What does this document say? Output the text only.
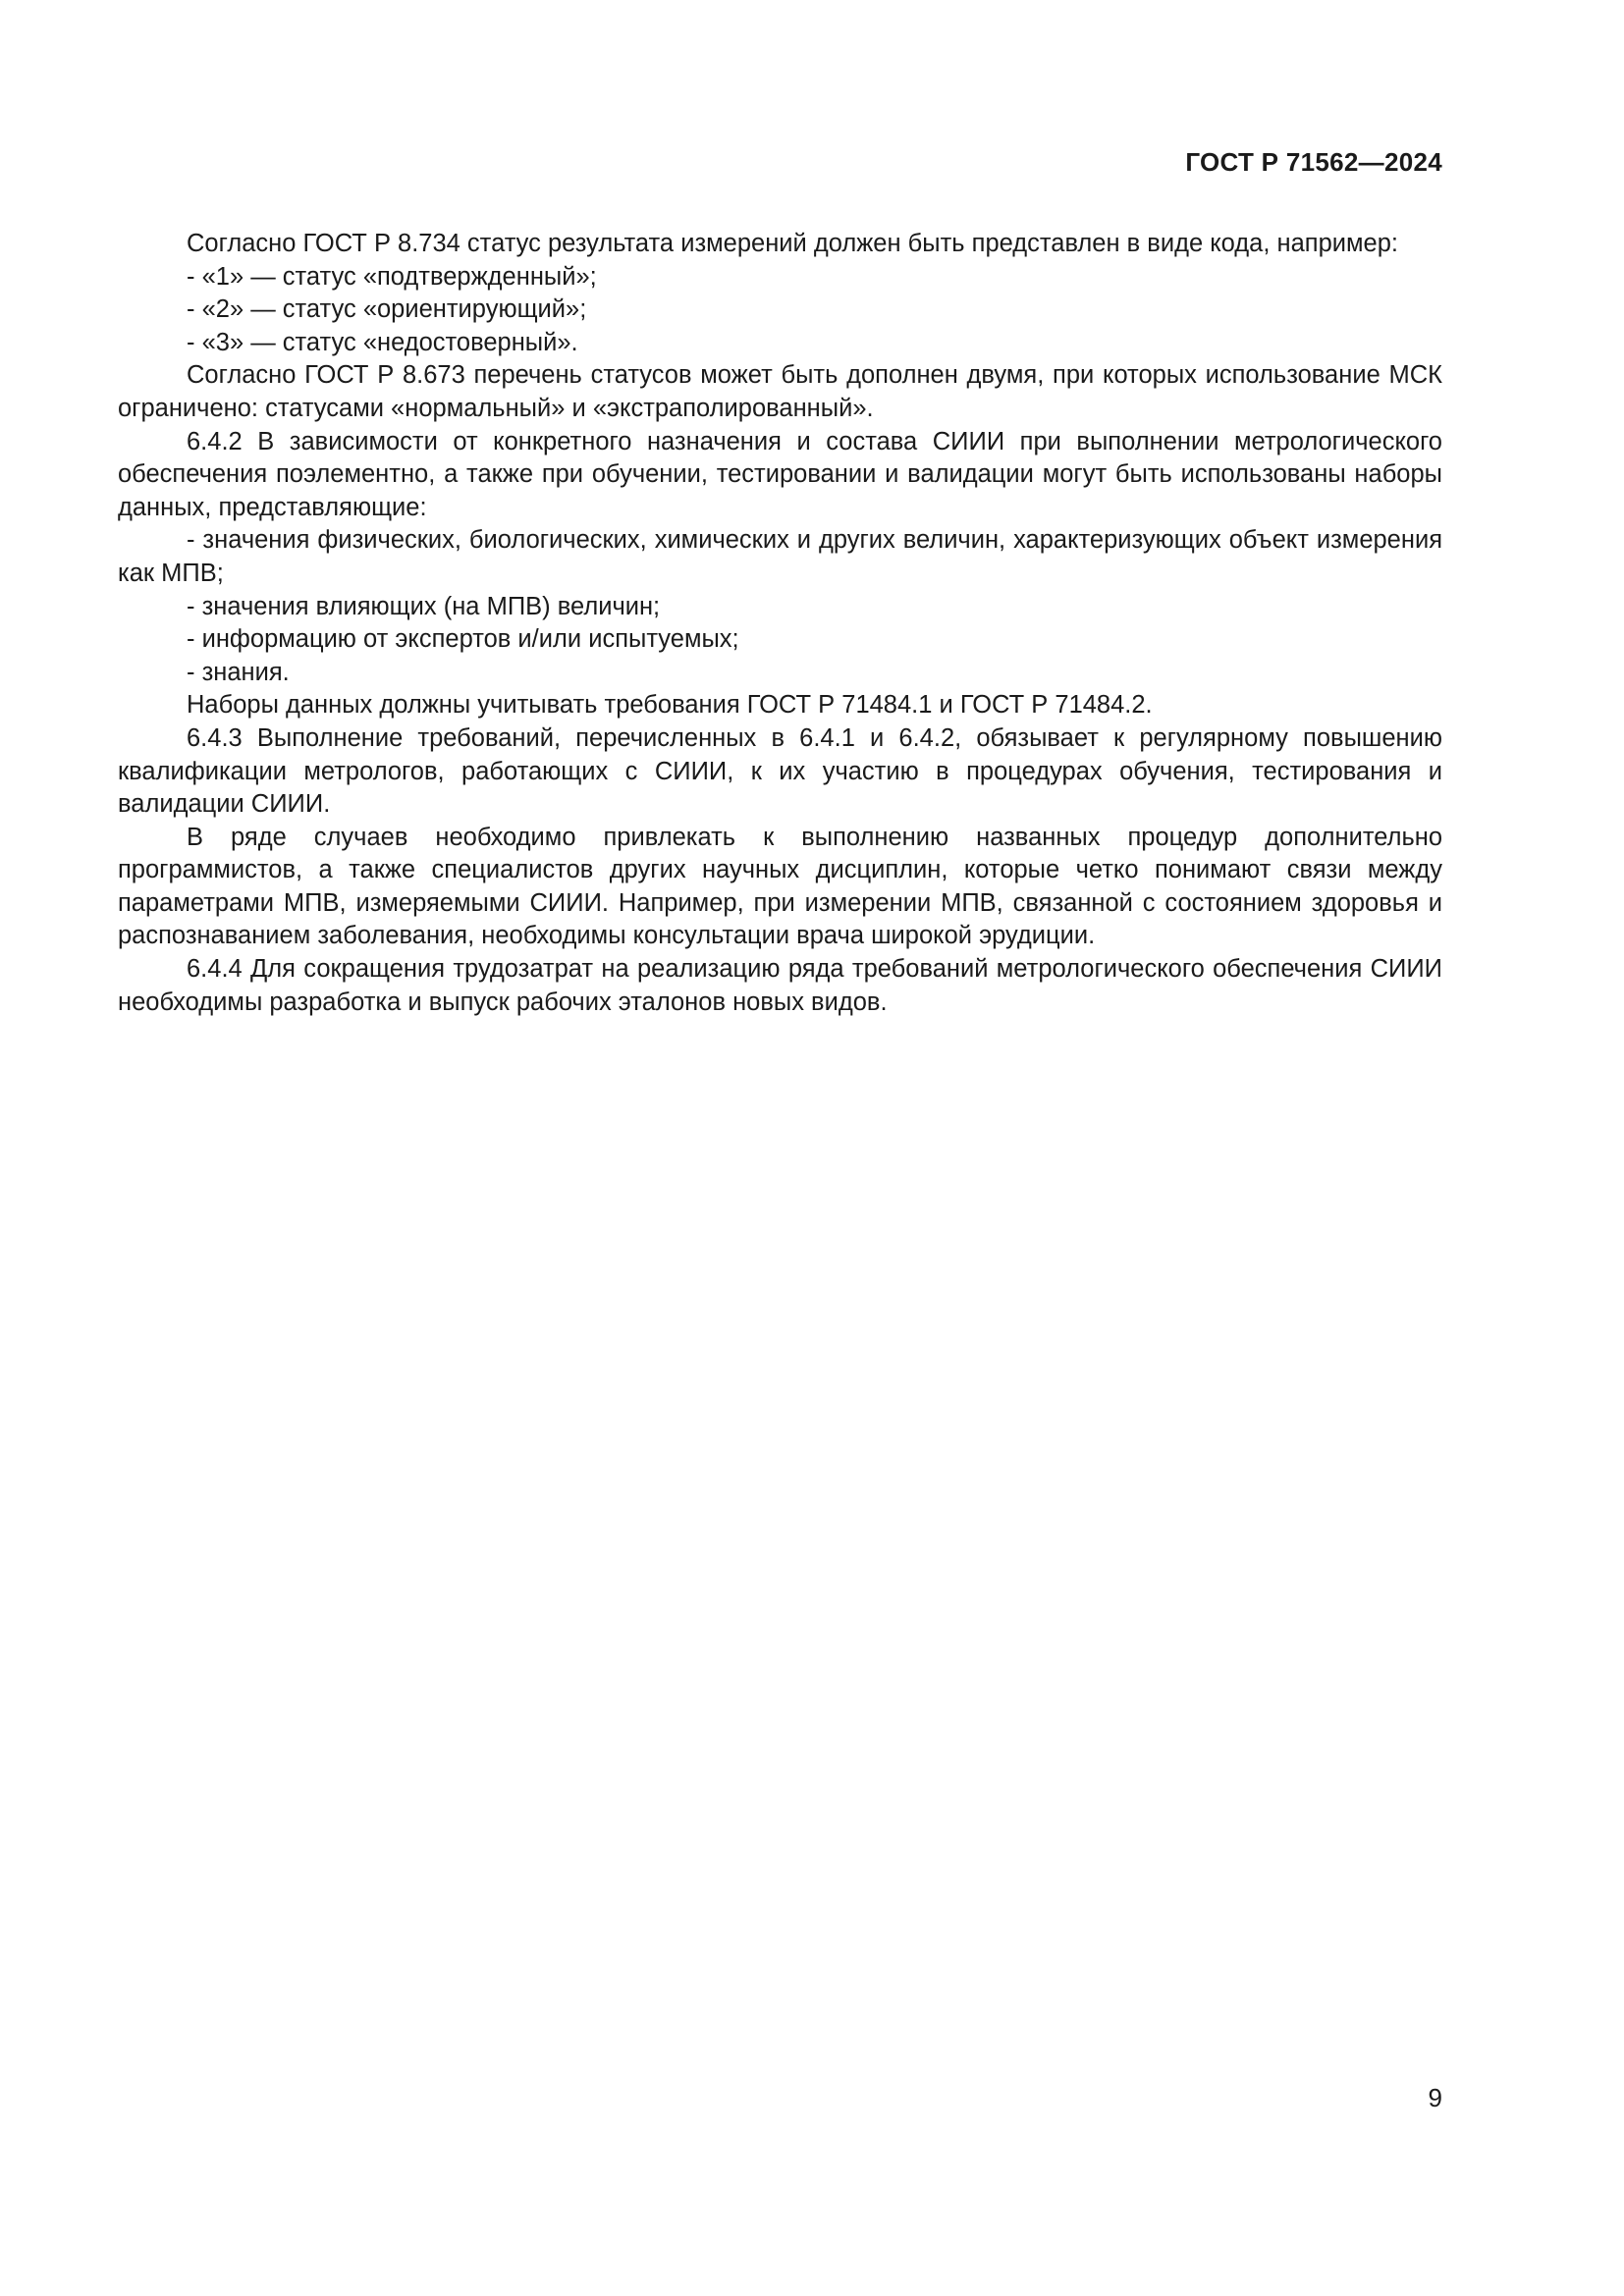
ГОСТ Р 71562—2024

Согласно ГОСТ Р 8.734 статус результата измерений должен быть представлен в виде кода, например:

- «1» — статус «подтвержденный»;

- «2» — статус «ориентирующий»;

- «3» — статус «недостоверный».

Согласно ГОСТ Р 8.673 перечень статусов может быть дополнен двумя, при которых использование МСК ограничено: статусами «нормальный» и «экстраполированный».

6.4.2 В зависимости от конкретного назначения и состава СИИИ при выполнении метрологического обеспечения поэлементно, а также при обучении, тестировании и валидации могут быть использованы наборы данных, представляющие:

- значения физических, биологических, химических и других величин, характеризующих объект измерения как МПВ;

- значения влияющих (на МПВ) величин;

- информацию от экспертов и/или испытуемых;

- знания.

Наборы данных должны учитывать требования ГОСТ Р 71484.1 и ГОСТ Р 71484.2.

6.4.3 Выполнение требований, перечисленных в 6.4.1 и 6.4.2, обязывает к регулярному повышению квалификации метрологов, работающих с СИИИ, к их участию в процедурах обучения, тестирования и валидации СИИИ.

В ряде случаев необходимо привлекать к выполнению названных процедур дополнительно программистов, а также специалистов других научных дисциплин, которые четко понимают связи между параметрами МПВ, измеряемыми СИИИ. Например, при измерении МПВ, связанной с состоянием здоровья и распознаванием заболевания, необходимы консультации врача широкой эрудиции.

6.4.4 Для сокращения трудозатрат на реализацию ряда требований метрологического обеспечения СИИИ необходимы разработка и выпуск рабочих эталонов новых видов.

9
